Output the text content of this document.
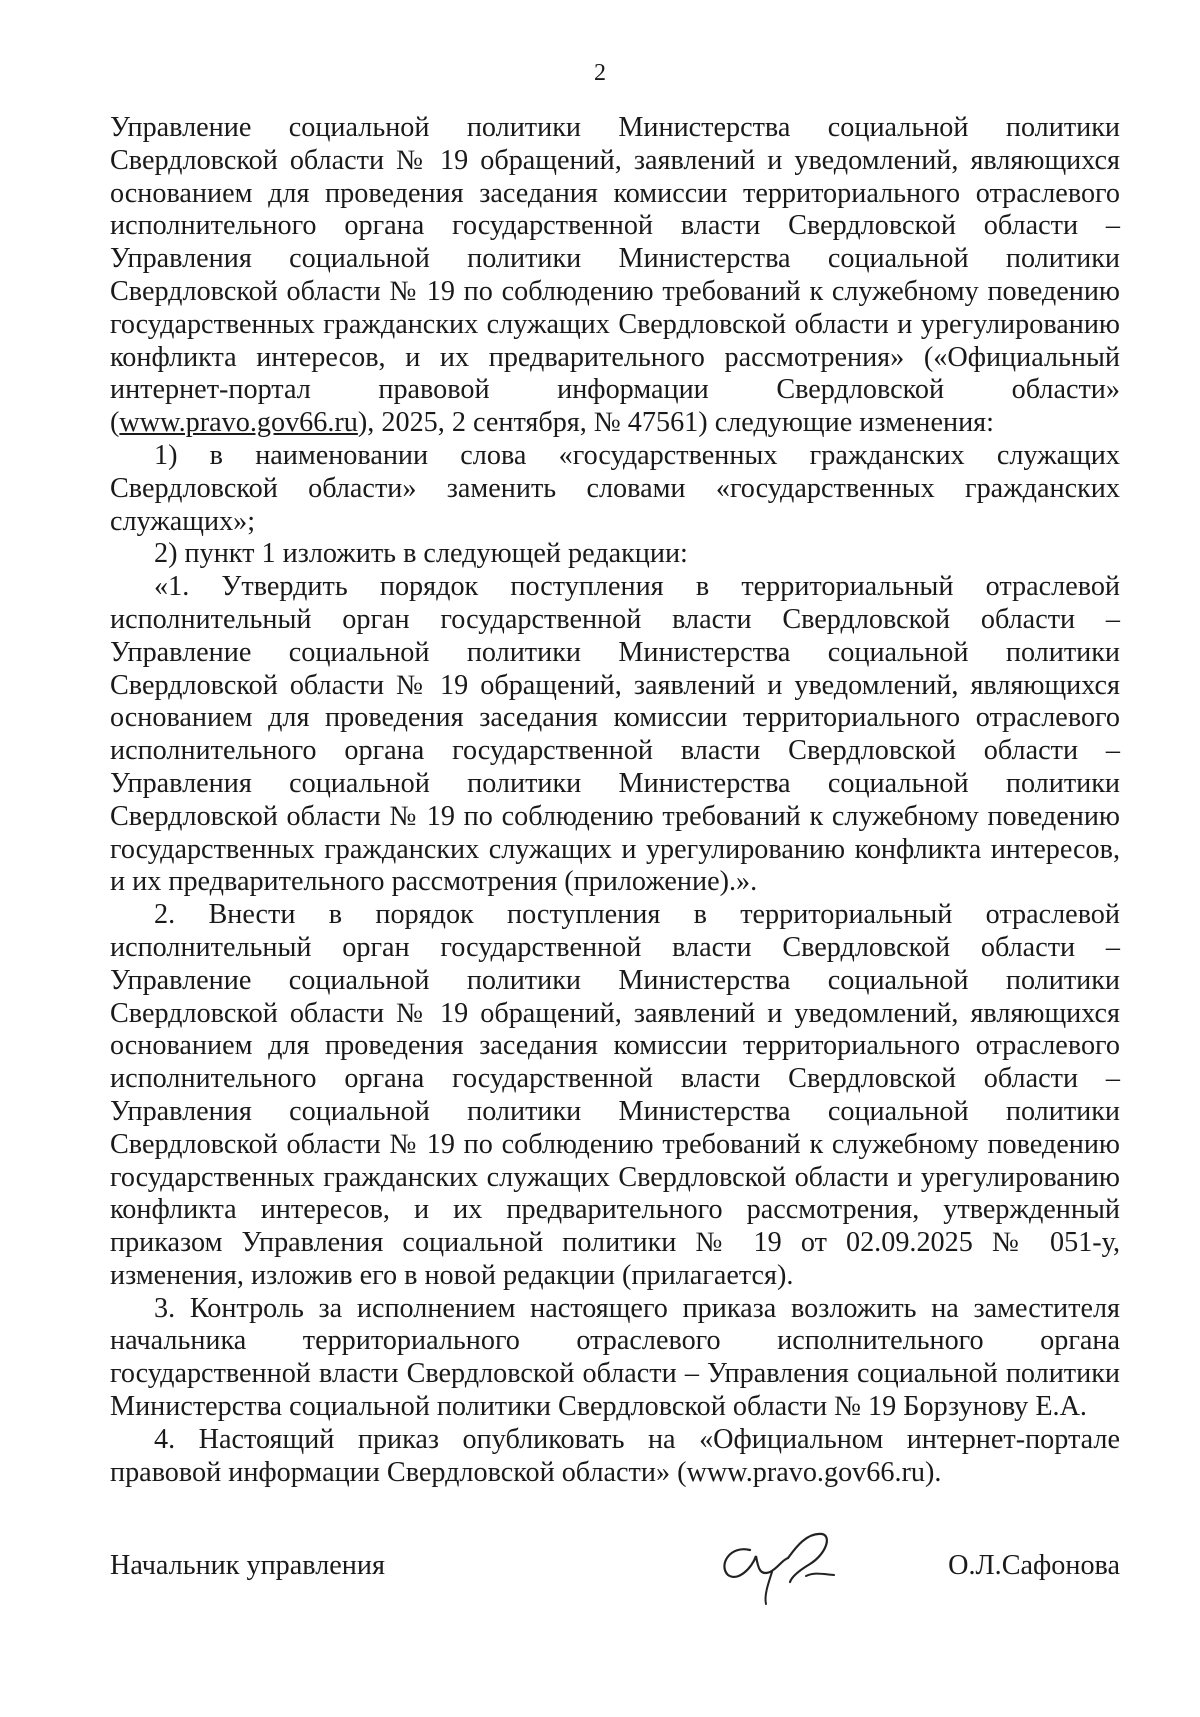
2

Управление социальной политики Министерства социальной политики Свердловской области № 19 обращений, заявлений и уведомлений, являющихся основанием для проведения заседания комиссии территориального отраслевого исполнительного органа государственной власти Свердловской области – Управления социальной политики Министерства социальной политики Свердловской области № 19 по соблюдению требований к служебному поведению государственных гражданских служащих Свердловской области и урегулированию конфликта интересов, и их предварительного рассмотрения» («Официальный интернет-портал правовой информации Свердловской области» (www.pravo.gov66.ru), 2025, 2 сентября, № 47561) следующие изменения:

1) в наименовании слова «государственных гражданских служащих Свердловской области» заменить словами «государственных гражданских служащих»;

2) пункт 1 изложить в следующей редакции:

«1. Утвердить порядок поступления в территориальный отраслевой исполнительный орган государственной власти Свердловской области – Управление социальной политики Министерства социальной политики Свердловской области № 19 обращений, заявлений и уведомлений, являющихся основанием для проведения заседания комиссии территориального отраслевого исполнительного органа государственной власти Свердловской области – Управления социальной политики Министерства социальной политики Свердловской области № 19 по соблюдению требований к служебному поведению государственных гражданских служащих и урегулированию конфликта интересов, и их предварительного рассмотрения (приложение).».

2. Внести в порядок поступления в территориальный отраслевой исполнительный орган государственной власти Свердловской области – Управление социальной политики Министерства социальной политики Свердловской области № 19 обращений, заявлений и уведомлений, являющихся основанием для проведения заседания комиссии территориального отраслевого исполнительного органа государственной власти Свердловской области – Управления социальной политики Министерства социальной политики Свердловской области № 19 по соблюдению требований к служебному поведению государственных гражданских служащих Свердловской области и урегулированию конфликта интересов, и их предварительного рассмотрения, утвержденный приказом Управления социальной политики № 19 от 02.09.2025 № 051-у, изменения, изложив его в новой редакции (прилагается).

3. Контроль за исполнением настоящего приказа возложить на заместителя начальника территориального отраслевого исполнительного органа государственной власти Свердловской области – Управления социальной политики Министерства социальной политики Свердловской области № 19 Борзунову Е.А.

4. Настоящий приказ опубликовать на «Официальном интернет-портале правовой информации Свердловской области» (www.pravo.gov66.ru).

Начальник управления	О.Л.Сафонова
